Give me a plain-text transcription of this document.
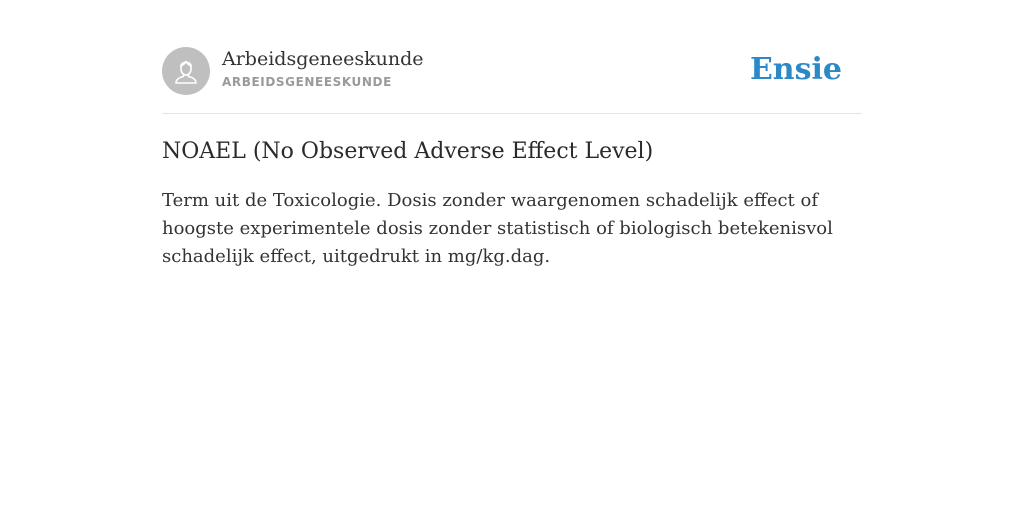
Arbeidsgeneeskunde
ARBEIDSGENEESKUNDE	Ensie
NOAEL (No Observed Adverse Effect Level)

Term uit de Toxicologie. Dosis zonder waargenomen schadelijk effect of hoogste experimentele dosis zonder statistisch of biologisch betekenisvol schadelijk effect, uitgedrukt in mg/kg.dag.
